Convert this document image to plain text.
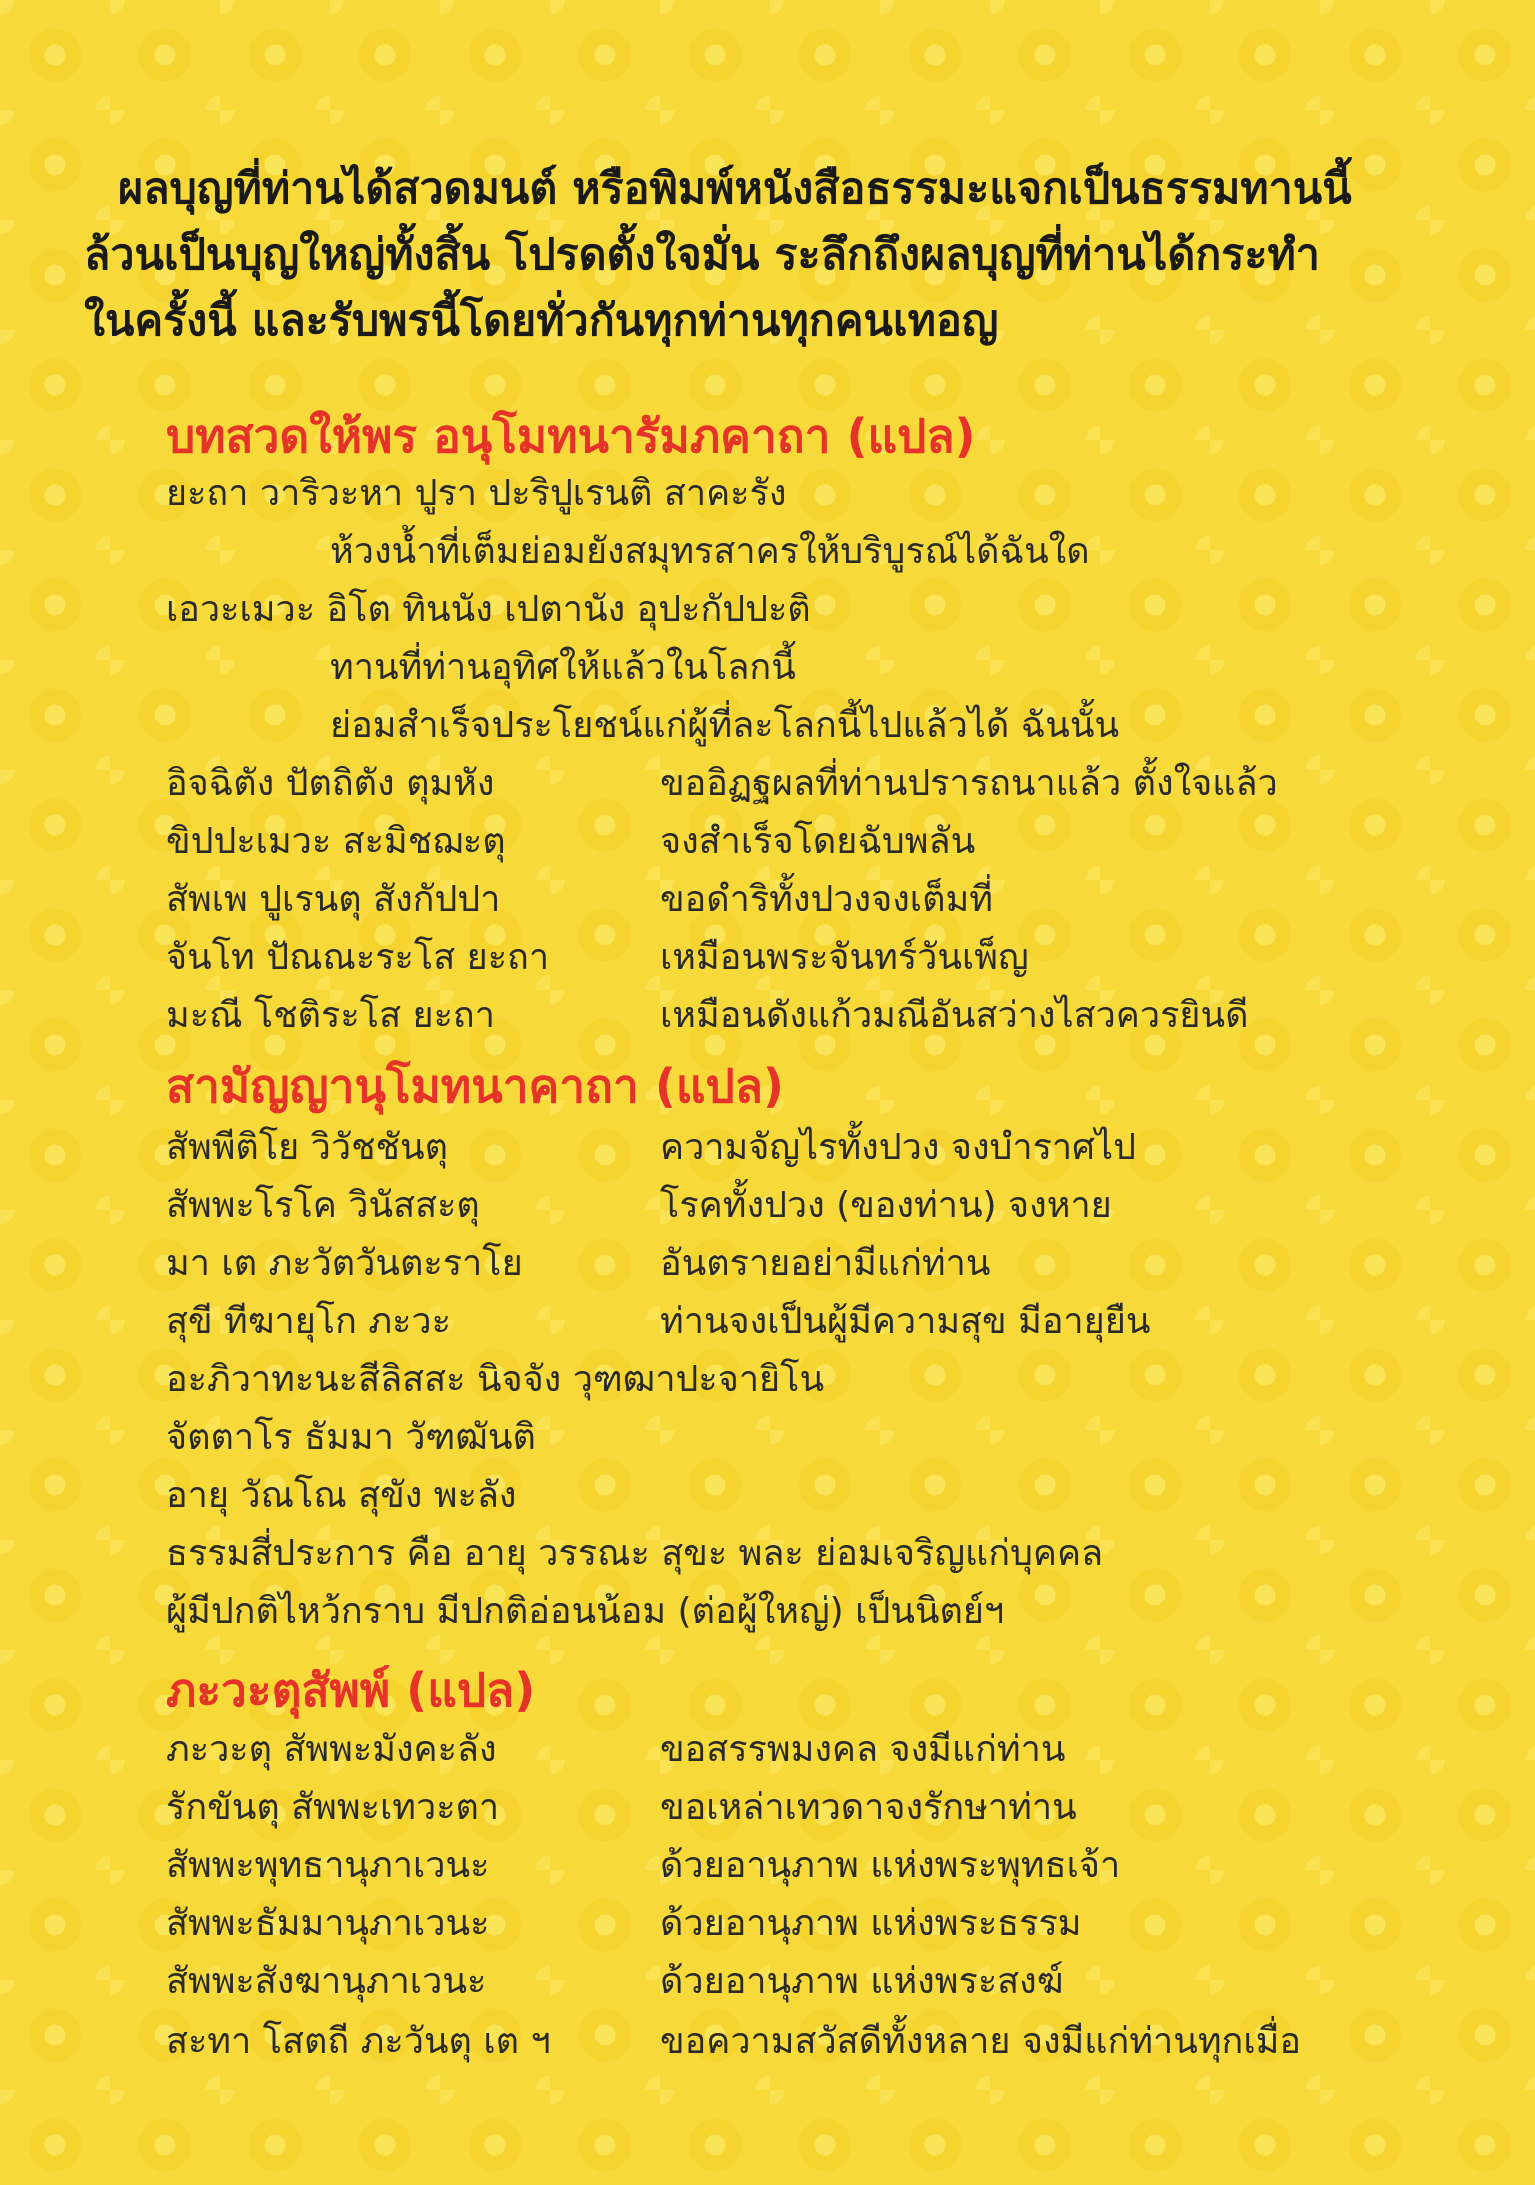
ผลบุญที่ท่านได้สวดมนต์ หรือพิมพ์หนังสือธรรมะแจกเป็นธรรมทานนี้
ล้วนเป็นบุญใหญ่ทั้งสิ้น โปรดตั้งใจมั่น ระลึกถึงผลบุญที่ท่านได้กระทำ
ในครั้งนี้ และรับพรนี้โดยทั่วกันทุกท่านทุกคนเทอญ

บทสวดให้พร อนุโมทนารัมภคาถา (แปล)
ยะถา วาริวะหา ปูรา ปะริปูเรนติ สาคะรัง
ห้วงน้ำที่เต็มย่อมยังสมุทรสาครให้บริบูรณ์ได้ฉันใด
เอวะเมวะ อิโต ทินนัง เปตานัง อุปะกัปปะติ
ทานที่ท่านอุทิศให้แล้วในโลกนี้
ย่อมสำเร็จประโยชน์แก่ผู้ที่ละโลกนี้ไปแล้วได้ ฉันนั้น
อิจฉิตัง ปัตถิตัง ตุมหัง	ขออิฏฐผลที่ท่านปรารถนาแล้ว ตั้งใจแล้ว
ขิปปะเมวะ สะมิชฌะตุ	จงสำเร็จโดยฉับพลัน
สัพเพ ปูเรนตุ สังกัปปา	ขอดำริทั้งปวงจงเต็มที่
จันโท ปัณณะระโส ยะถา	เหมือนพระจันทร์วันเพ็ญ
มะณี โชติระโส ยะถา	เหมือนดังแก้วมณีอันสว่างไสวควรยินดี
สามัญญานุโมทนาคาถา (แปล)
สัพพีติโย วิวัชชันตุ	ความจัญไรทั้งปวง จงบำราศไป
สัพพะโรโค วินัสสะตุ	โรคทั้งปวง (ของท่าน) จงหาย
มา เต ภะวัตวันตะราโย	อันตรายอย่ามีแก่ท่าน
สุขี ทีฆายุโก ภะวะ	ท่านจงเป็นผู้มีความสุข มีอายุยืน
อะภิวาทะนะสีลิสสะ นิจจัง วุฑฒาปะจายิโน
จัตตาโร ธัมมา วัฑฒันติ
อายุ วัณโณ สุขัง พะลัง
ธรรมสี่ประการ คือ อายุ วรรณะ สุขะ พละ ย่อมเจริญแก่บุคคล
ผู้มีปกติไหว้กราบ มีปกติอ่อนน้อม (ต่อผู้ใหญ่) เป็นนิตย์ฯ
ภะวะตุสัพพ์ (แปล)
ภะวะตุ สัพพะมังคะลัง	ขอสรรพมงคล จงมีแก่ท่าน
รักขันตุ สัพพะเทวะตา	ขอเหล่าเทวดาจงรักษาท่าน
สัพพะพุทธานุภาเวนะ	ด้วยอานุภาพ แห่งพระพุทธเจ้า
สัพพะธัมมานุภาเวนะ	ด้วยอานุภาพ แห่งพระธรรม
สัพพะสังฆานุภาเวนะ	ด้วยอานุภาพ แห่งพระสงฆ์
สะทา โสตถี ภะวันตุ เต ฯ	ขอความสวัสดีทั้งหลาย จงมีแก่ท่านทุกเมื่อ
